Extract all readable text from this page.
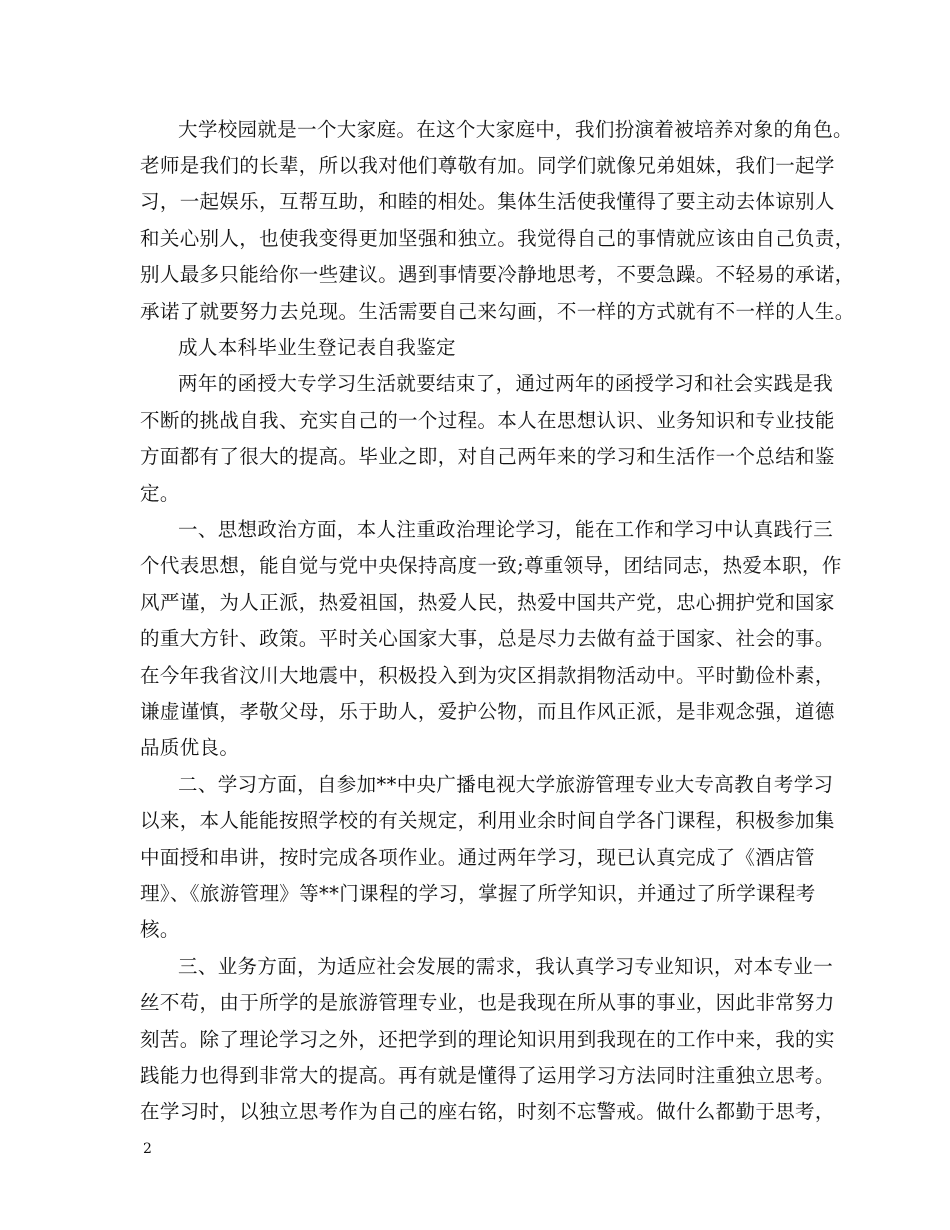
大学校园就是一个大家庭。在这个大家庭中，我们扮演着被培养对象的角色。
老师是我们的长辈，所以我对他们尊敬有加。同学们就像兄弟姐妹，我们一起学
习，一起娱乐，互帮互助，和睦的相处。集体生活使我懂得了要主动去体谅别人
和关心别人，也使我变得更加坚强和独立。我觉得自己的事情就应该由自己负责，
别人最多只能给你一些建议。遇到事情要冷静地思考，不要急躁。不轻易的承诺，
承诺了就要努力去兑现。生活需要自己来勾画，不一样的方式就有不一样的人生。
成人本科毕业生登记表自我鉴定
两年的函授大专学习生活就要结束了，通过两年的函授学习和社会实践是我
不断的挑战自我、充实自己的一个过程。本人在思想认识、业务知识和专业技能
方面都有了很大的提高。毕业之即，对自己两年来的学习和生活作一个总结和鉴
定。
一、思想政治方面，本人注重政治理论学习，能在工作和学习中认真践行三
个代表思想，能自觉与党中央保持高度一致;尊重领导，团结同志，热爱本职，作
风严谨，为人正派，热爱祖国，热爱人民，热爱中国共产党，忠心拥护党和国家
的重大方针、政策。平时关心国家大事，总是尽力去做有益于国家、社会的事。
在今年我省汶川大地震中，积极投入到为灾区捐款捐物活动中。平时勤俭朴素，
谦虚谨慎，孝敬父母，乐于助人，爱护公物，而且作风正派，是非观念强，道德
品质优良。
二、学习方面，自参加**中央广播电视大学旅游管理专业大专高教自考学习
以来，本人能能按照学校的有关规定，利用业余时间自学各门课程，积极参加集
中面授和串讲，按时完成各项作业。通过两年学习，现已认真完成了《酒店管
理》、《旅游管理》等**门课程的学习，掌握了所学知识，并通过了所学课程考
核。
三、业务方面，为适应社会发展的需求，我认真学习专业知识，对本专业一
丝不苟，由于所学的是旅游管理专业，也是我现在所从事的事业，因此非常努力
刻苦。除了理论学习之外，还把学到的理论知识用到我现在的工作中来，我的实
践能力也得到非常大的提高。再有就是懂得了运用学习方法同时注重独立思考。
在学习时，以独立思考作为自己的座右铭，时刻不忘警戒。做什么都勤于思考，
2
